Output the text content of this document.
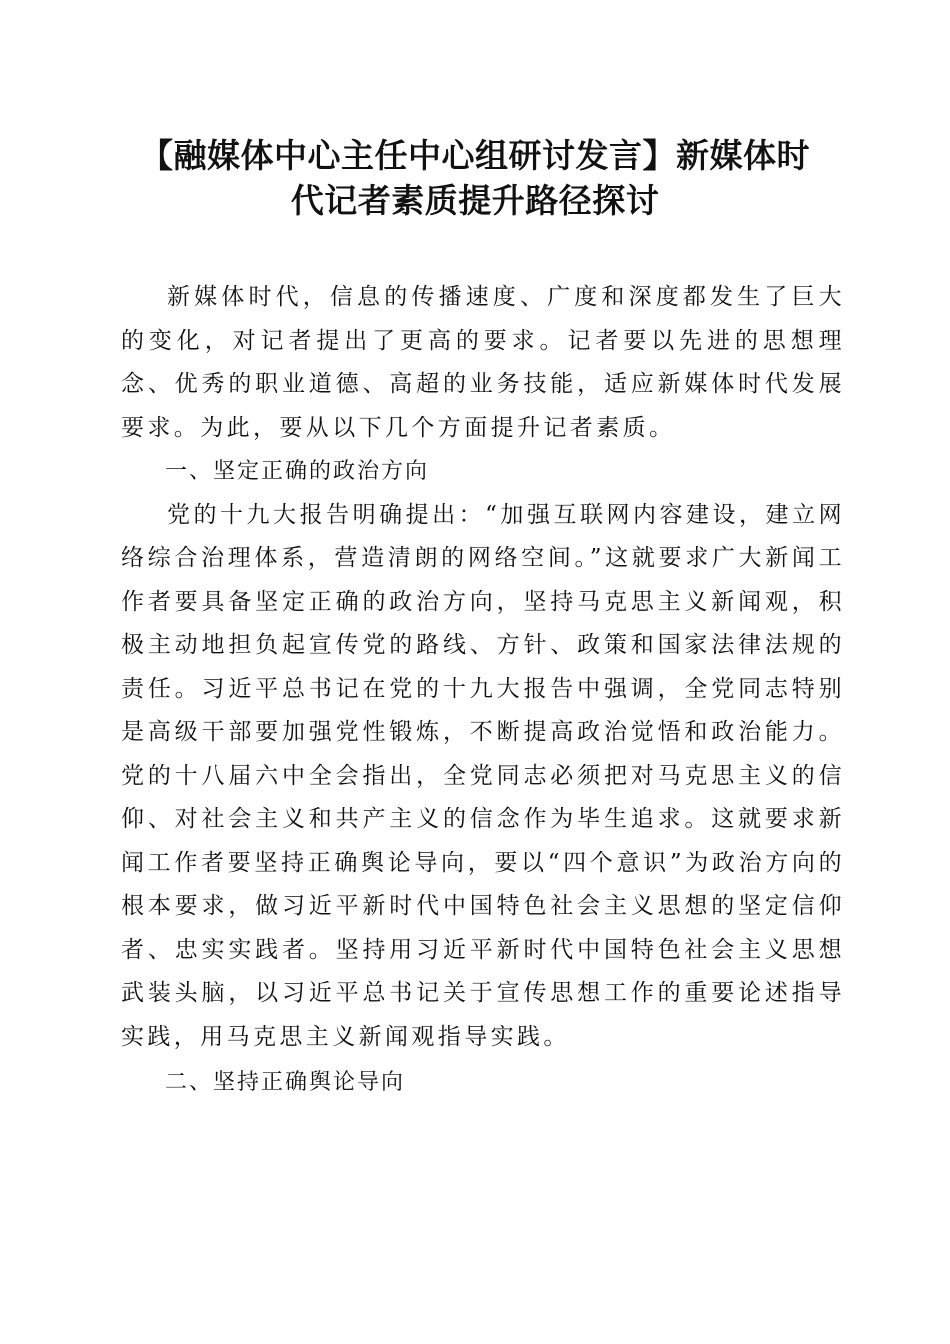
【融媒体中心主任中心组研讨发言】新媒体时
代记者素质提升路径探讨

新媒体时代，信息的传播速度、广度和深度都发生了巨大的变化，对记者提出了更高的要求。记者要以先进的思想理念、优秀的职业道德、高超的业务技能，适应新媒体时代发展要求。为此，要从以下几个方面提升记者素质。

一、坚定正确的政治方向

党的十九大报告明确提出：“加强互联网内容建设，建立网络综合治理体系，营造清朗的网络空间。”这就要求广大新闻工作者要具备坚定正确的政治方向，坚持马克思主义新闻观，积极主动地担负起宣传党的路线、方针、政策和国家法律法规的责任。习近平总书记在党的十九大报告中强调，全党同志特别是高级干部要加强党性锻炼，不断提高政治觉悟和政治能力。党的十八届六中全会指出，全党同志必须把对马克思主义的信仰、对社会主义和共产主义的信念作为毕生追求。这就要求新闻工作者要坚持正确舆论导向，要以“四个意识”为政治方向的根本要求，做习近平新时代中国特色社会主义思想的坚定信仰者、忠实实践者。坚持用习近平新时代中国特色社会主义思想武装头脑，以习近平总书记关于宣传思想工作的重要论述指导实践，用马克思主义新闻观指导实践。

二、坚持正确舆论导向
